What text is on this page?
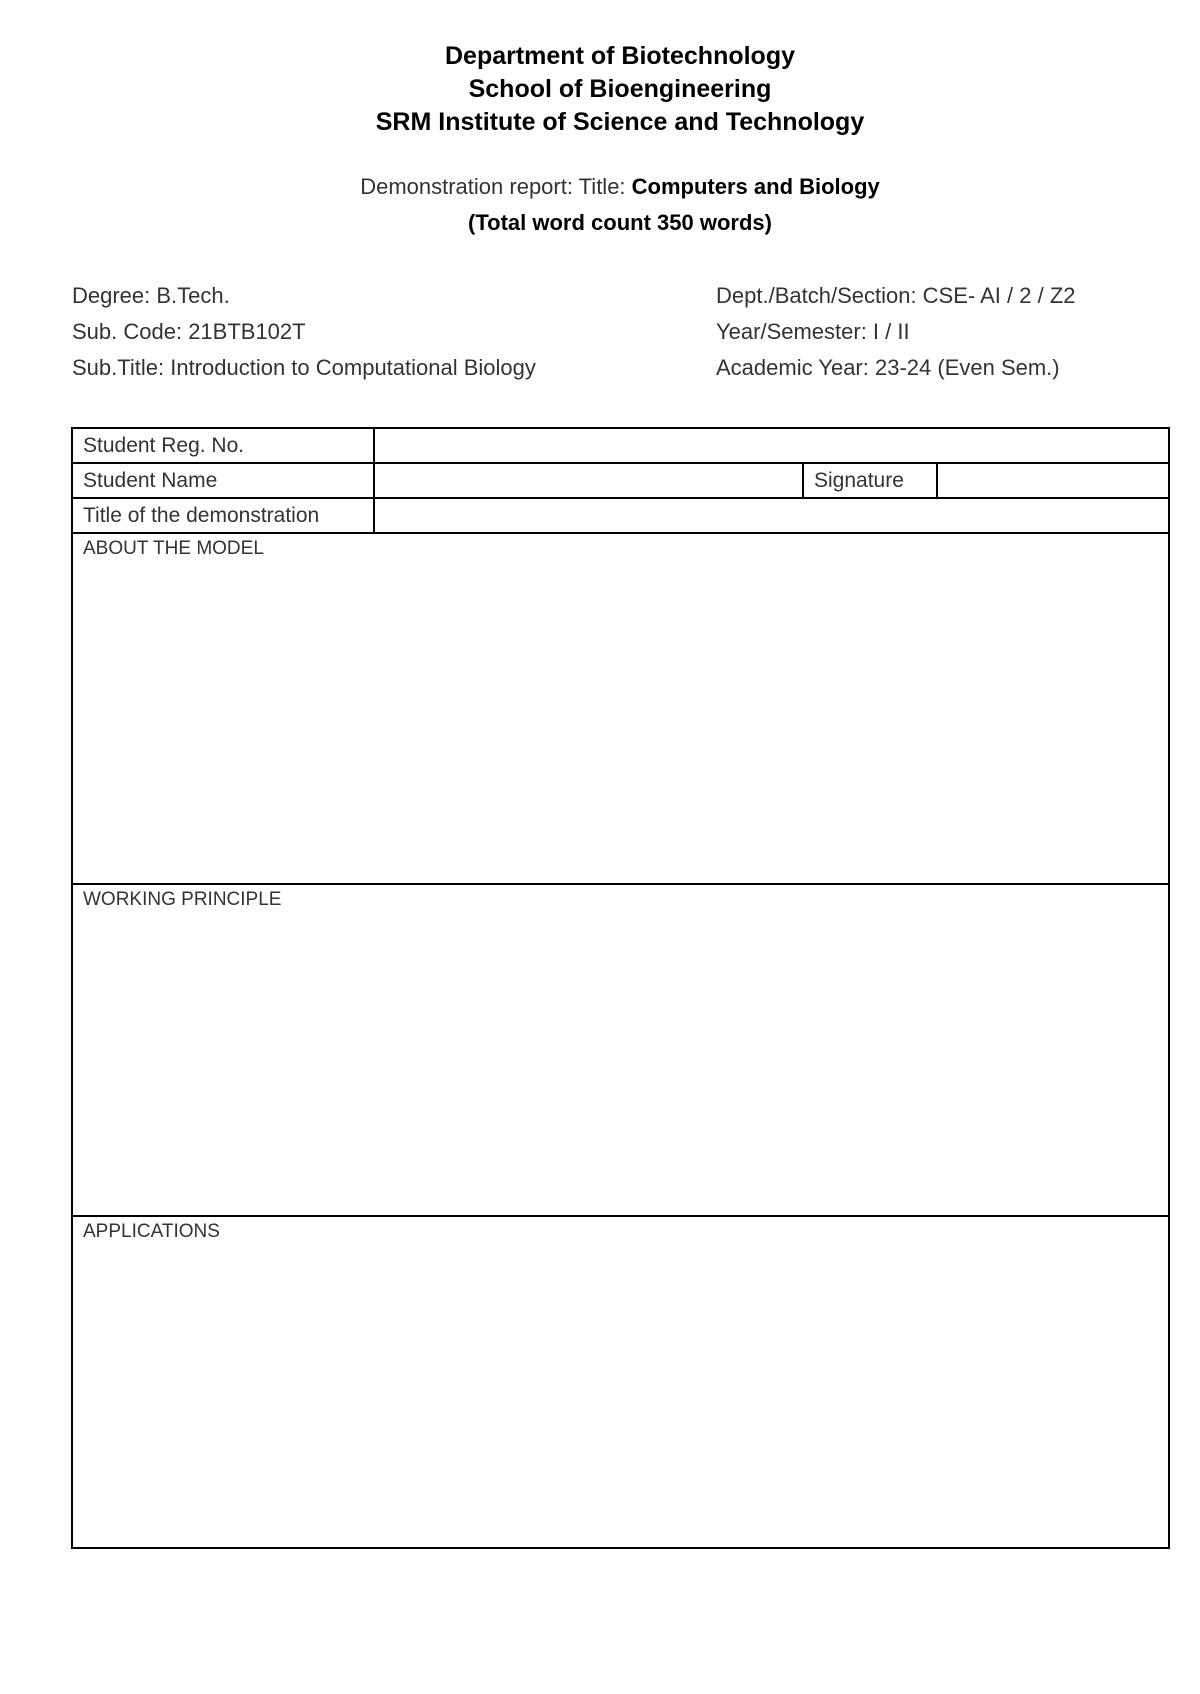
Department of Biotechnology
School of Bioengineering
SRM Institute of Science and Technology
Demonstration report: Title: Computers and Biology
(Total word count 350 words)
Degree: B.Tech.
Sub. Code: 21BTB102T
Sub.Title: Introduction to Computational Biology
Dept./Batch/Section: CSE- AI / 2 / Z2
Year/Semester: I / II
Academic Year: 23-24 (Even Sem.)
Student Reg. No.			
Student Name		Signature	
Title of the demonstration			
ABOUT THE MODEL			
WORKING PRINCIPLE			
APPLICATIONS			
